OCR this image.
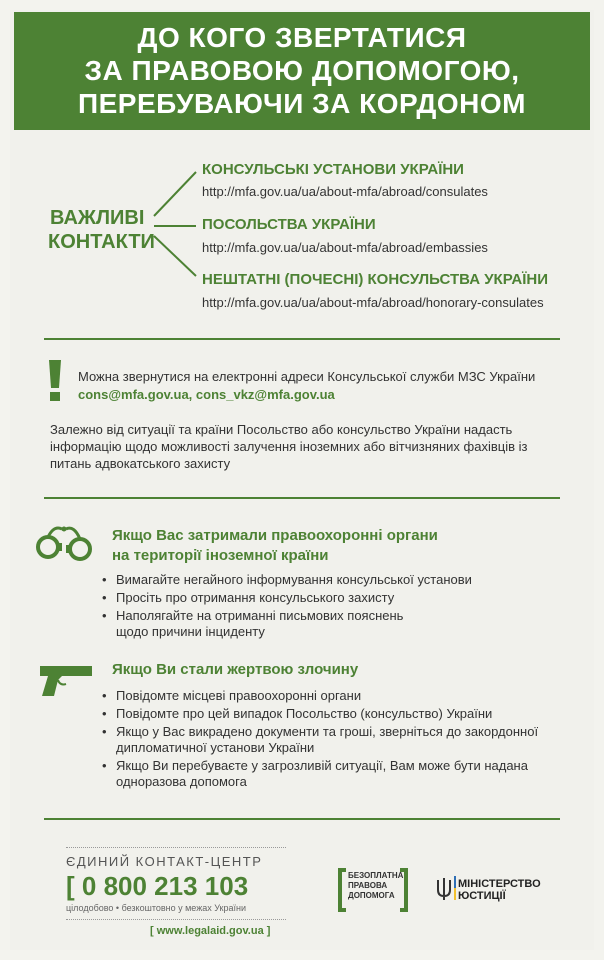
ДО КОГО ЗВЕРТАТИСЯ
ЗА ПРАВОВОЮ ДОПОМОГОЮ,
ПЕРЕБУВАЮЧИ ЗА КОРДОНОМ
ВАЖЛИВІ
КОНТАКТИ
КОНСУЛЬСЬКІ УСТАНОВИ УКРАЇНИ
http://mfa.gov.ua/ua/about-mfa/abroad/consulates
ПОСОЛЬСТВА УКРАЇНИ
http://mfa.gov.ua/ua/about-mfa/abroad/embassies
НЕШТАТНІ (ПОЧЕСНІ) КОНСУЛЬСТВА УКРАЇНИ
http://mfa.gov.ua/ua/about-mfa/abroad/honorary-consulates
Можна звернутися на електронні адреси Консульської служби МЗС України
cons@mfa.gov.ua, cons_vkz@mfa.gov.ua
Залежно від ситуації та країни Посольство або консульство України надасть інформацію щодо можливості залучення іноземних або вітчизняних фахівців із питань адвокатського захисту
Якщо Вас затримали правоохоронні органи
на території іноземної країни
• Вимагайте негайного інформування консульської установи
• Просіть про отримання консульського захисту
• Наполягайте на отриманні письмових пояснень щодо причини інциденту
Якщо Ви стали жертвою злочину
• Повідомте місцеві правоохоронні органи
• Повідомте про цей випадок Посольство (консульство) України
• Якщо у Вас викрадено документи та гроші, зверніться до закордонної дипломатичної установи України
• Якщо Ви перебуваєте у загрозливій ситуації, Вам може бути надана одноразова допомога
ЄДИНИЙ КОНТАКТ-ЦЕНТР
[ 0 800 213 103
цілодобово • безкоштовно у межах України
[ www.legalaid.gov.ua ]
БЕЗОПЛАТНА
ПРАВОВА
ДОПОМОГА
МІНІСТЕРСТВО
ЮСТИЦІЇ
